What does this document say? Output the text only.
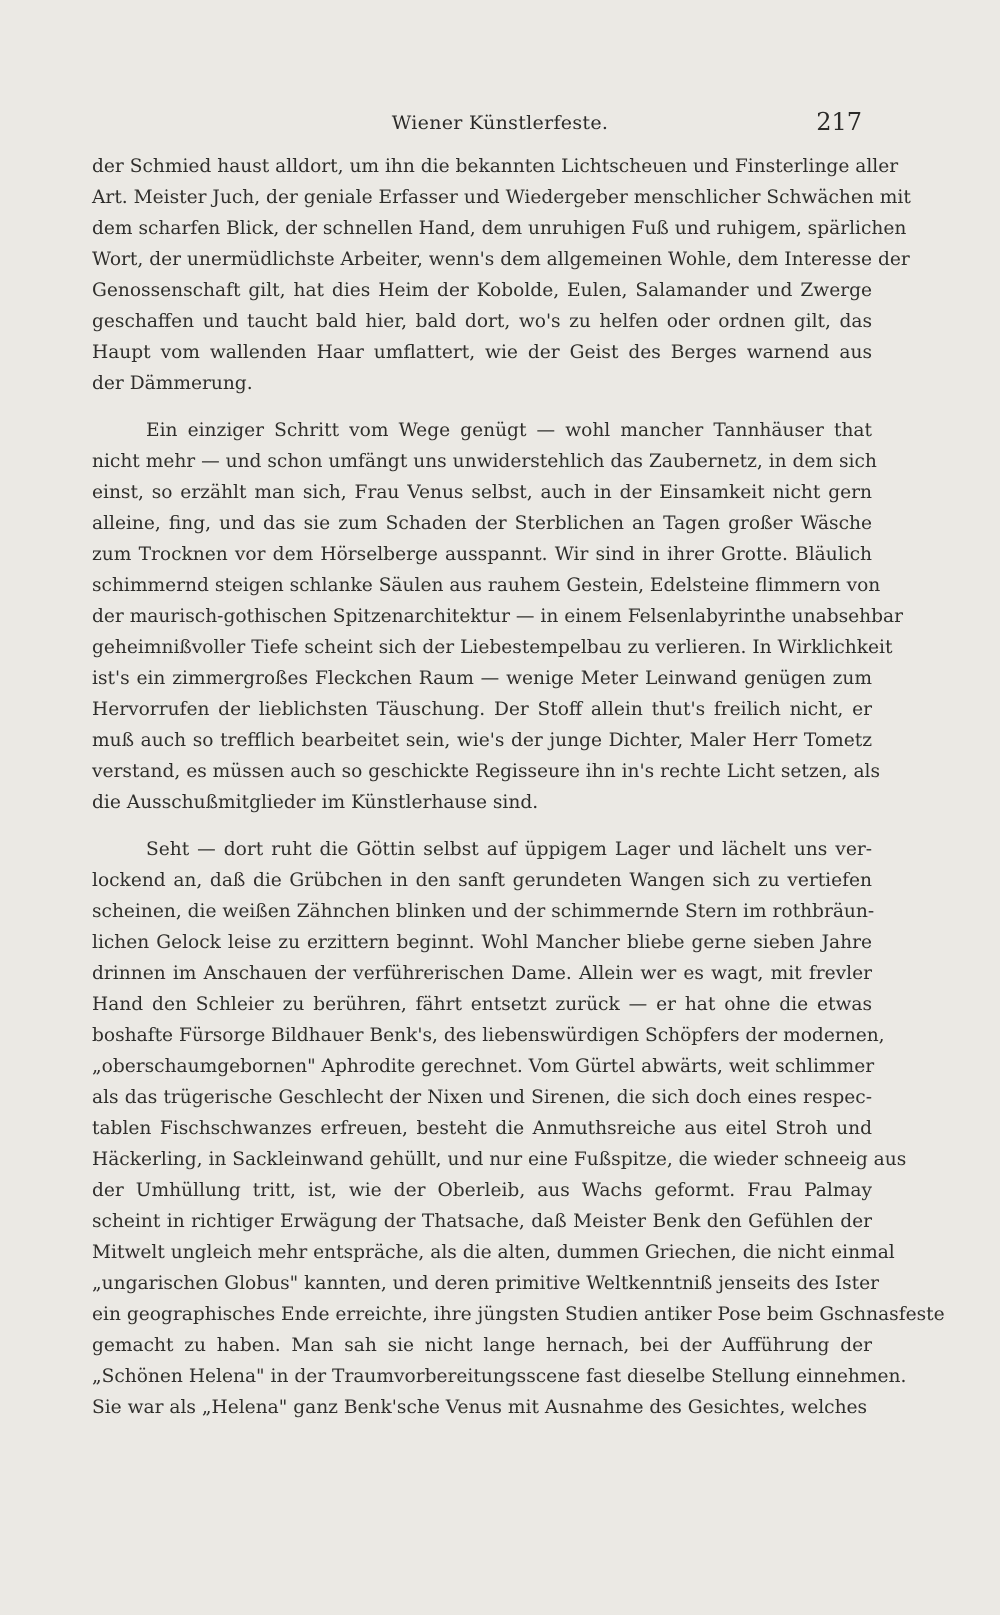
Wiener Künstlerfeste.	217
der Schmied haust alldort, um ihn die bekannten Lichtscheuen und Finsterlinge aller
Art. Meister Juch, der geniale Erfasser und Wiedergeber menschlicher Schwächen mit
dem scharfen Blick, der schnellen Hand, dem unruhigen Fuß und ruhigem, spärlichen
Wort, der unermüdlichste Arbeiter, wenn's dem allgemeinen Wohle, dem Interesse der
Genossenschaft gilt, hat dies Heim der Kobolde, Eulen, Salamander und Zwerge
geschaffen und taucht bald hier, bald dort, wo's zu helfen oder ordnen gilt, das
Haupt vom wallenden Haar umflattert, wie der Geist des Berges warnend aus
der Dämmerung.
Ein einziger Schritt vom Wege genügt — wohl mancher Tannhäuser that
nicht mehr — und schon umfängt uns unwiderstehlich das Zaubernetz, in dem sich
einst, so erzählt man sich, Frau Venus selbst, auch in der Einsamkeit nicht gern
alleine, fing, und das sie zum Schaden der Sterblichen an Tagen großer Wäsche
zum Trocknen vor dem Hörselberge ausspannt. Wir sind in ihrer Grotte. Bläulich
schimmernd steigen schlanke Säulen aus rauhem Gestein, Edelsteine flimmern von
der maurisch-gothischen Spitzenarchitektur — in einem Felsenlabyrinthe unabsehbar
geheimnißvoller Tiefe scheint sich der Liebestempelbau zu verlieren. In Wirklichkeit
ist's ein zimmergroßes Fleckchen Raum — wenige Meter Leinwand genügen zum
Hervorrufen der lieblichsten Täuschung. Der Stoff allein thut's freilich nicht, er
muß auch so trefflich bearbeitet sein, wie's der junge Dichter, Maler Herr Tometz
verstand, es müssen auch so geschickte Regisseure ihn in's rechte Licht setzen, als
die Ausschußmitglieder im Künstlerhause sind.
Seht — dort ruht die Göttin selbst auf üppigem Lager und lächelt uns ver-
lockend an, daß die Grübchen in den sanft gerundeten Wangen sich zu vertiefen
scheinen, die weißen Zähnchen blinken und der schimmernde Stern im rothbräun-
lichen Gelock leise zu erzittern beginnt. Wohl Mancher bliebe gerne sieben Jahre
drinnen im Anschauen der verführerischen Dame. Allein wer es wagt, mit frevler
Hand den Schleier zu berühren, fährt entsetzt zurück — er hat ohne die etwas
boshafte Fürsorge Bildhauer Benk's, des liebenswürdigen Schöpfers der modernen,
„oberschaumgebornen" Aphrodite gerechnet. Vom Gürtel abwärts, weit schlimmer
als das trügerische Geschlecht der Nixen und Sirenen, die sich doch eines respec-
tablen Fischschwanzes erfreuen, besteht die Anmuthsreiche aus eitel Stroh und
Häckerling, in Sackleinwand gehüllt, und nur eine Fußspitze, die wieder schneeig aus
der Umhüllung tritt, ist, wie der Oberleib, aus Wachs geformt. Frau Palmay
scheint in richtiger Erwägung der Thatsache, daß Meister Benk den Gefühlen der
Mitwelt ungleich mehr entspräche, als die alten, dummen Griechen, die nicht einmal
„ungarischen Globus" kannten, und deren primitive Weltkenntniß jenseits des Ister
ein geographisches Ende erreichte, ihre jüngsten Studien antiker Pose beim Gschnasfeste
gemacht zu haben. Man sah sie nicht lange hernach, bei der Aufführung der
„Schönen Helena" in der Traumvorbereitungsscene fast dieselbe Stellung einnehmen.
Sie war als „Helena" ganz Benk'sche Venus mit Ausnahme des Gesichtes, welches
